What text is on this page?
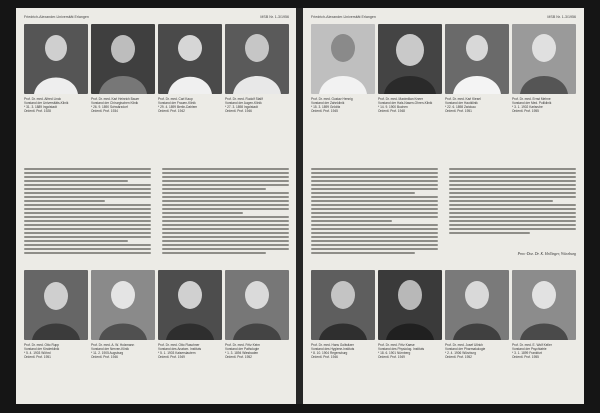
Friedrich-Alexander-Universität Erlangen	MSB Nr. 1-3/1956
Prof. Dr. med. Alfred Linck
Vorstand der Universitäts-Klinik
* 31. 3. 1889 Ingolstadt
Ordentl. Prof. 1928
Prof. Dr. med. Karl Heinrich Bauer
Vorstand der Chirurgischen Klinik
* 26. 9. 1890 Schwärzdorf
Ordentl. Prof. 1934
Prof. Dr. med. Carl Kaup
Vorstand der Frauen-Klinik
* 29. 4. 1899 Berlin-Dahlem
Ordentl. Prof. 1942
Prof. Dr. med. Rudolf Stallf
Vorstand der Augen-Klinik
* 27. 3. 1898 Ingolstadt
Ordentl. Prof. 1946
Prof. Dr. med. Otto Rupp
Vorstand der Kinderklinik
* 5. 4. 1903 Wöhrd
Ordentl. Prof. 1951
Prof. Dr. med. A. W. Holzmann
Vorstand der Nerven-Klinik
* 11. 2. 1905 Augsburg
Ordentl. Prof. 1946
Prof. Dr. med. Otto Flaschner
Vorstand des Anatom. Instituts
* 5. 1. 1903 Kaiserslautern
Ordentl. Prof. 1949
Prof. Dr. med. Fritz Keim
Vorstand der Pathologie
* 1. 3. 1894 Wiesbaden
Ordentl. Prof. 1952
Friedrich-Alexander-Universität Erlangen	MSB Nr. 1-3/1956
Prof. Dr. med. Gustav Hennig
Vorstand der Zahnklinik
* 15. 3. 1899 Gröditz
Ordentl. Prof. 1945
Prof. Dr. med. Maximilian Kneer
Vorstand der Hals-Nasen-Ohren-Klinik
* 14. 9. 1900 Buchen
Ordentl. Prof. 1948
Prof. Dr. med. Karl Kiesel
Vorstand der Hautklinik
* 22. 6. 1898 Zwickau
Ordentl. Prof. 1951
Prof. Dr. med. Ernst Mehne
Vorstand der Med. Poliklinik
* 3. 1. 1902 Karlsruhe
Ordentl. Prof. 1955
Prov.-Doz. Dr. K. Hellinger, Würzburg
Prof. Dr. med. Hans Gollwitzer
Vorstand des Hygiene-Instituts
* 8. 10. 1904 Regensburg
Ordentl. Prof. 1946
Prof. Dr. med. Fritz Kaese
Vorstand des Physiolog. Instituts
* 18. 6. 1901 Nürnberg
Ordentl. Prof. 1949
Prof. Dr. med. Josef Ullrich
Vorstand der Pharmakologie
* 2. 4. 1906 Würzburg
Ordentl. Prof. 1952
Prof. Dr. med. E. Wolf Keller
Vorstand der Psychiatrie
* 3. 1. 1899 Frankfurt
Ordentl. Prof. 1955
